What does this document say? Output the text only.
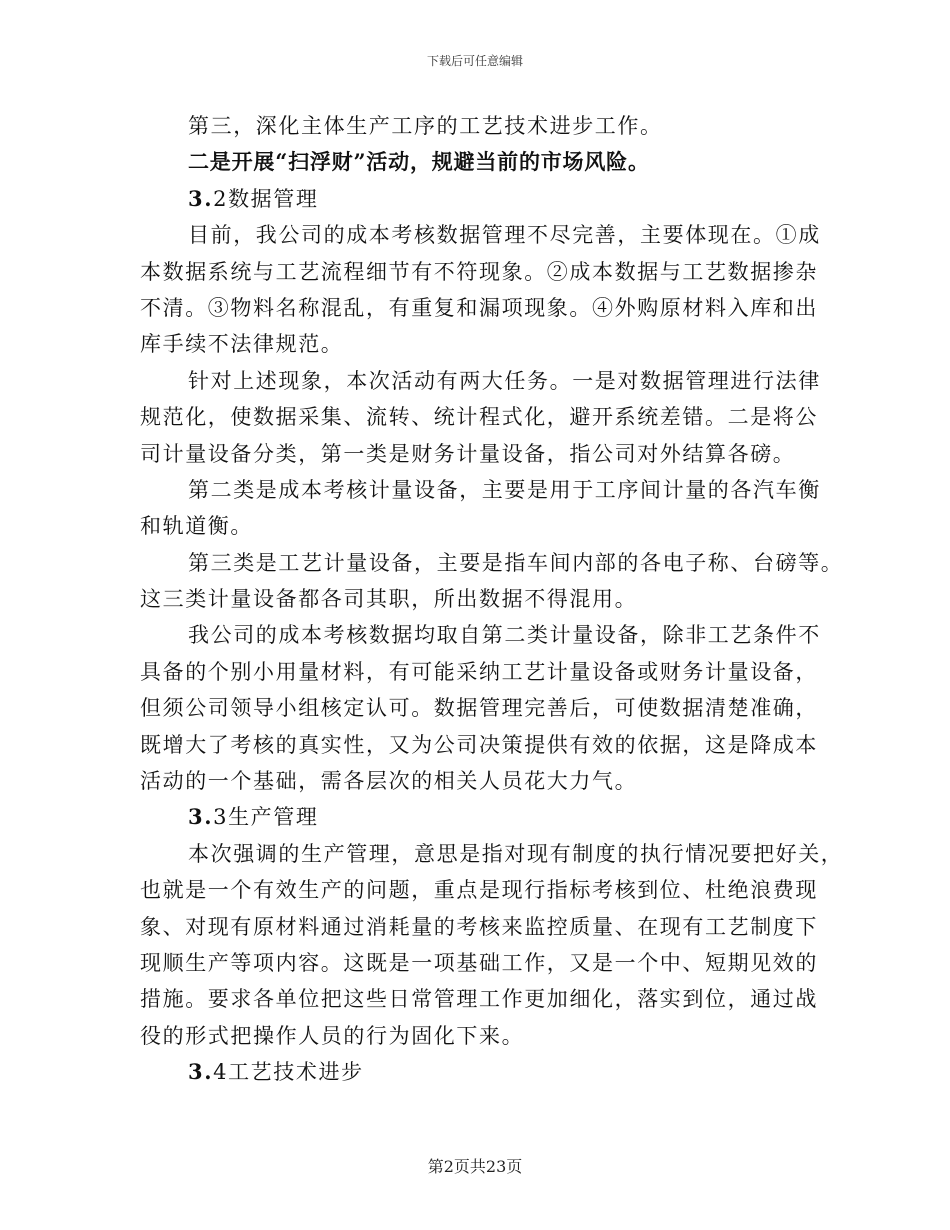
下载后可任意编辑
第三，深化主体生产工序的工艺技术进步工作。
二是开展“扫浮财”活动，规避当前的市场风险。
3.2数据管理
目前，我公司的成本考核数据管理不尽完善，主要体现在。①成
本数据系统与工艺流程细节有不符现象。②成本数据与工艺数据掺杂
不清。③物料名称混乱，有重复和漏项现象。④外购原材料入库和出
库手续不法律规范。
针对上述现象，本次活动有两大任务。一是对数据管理进行法律
规范化，使数据采集、流转、统计程式化，避开系统差错。二是将公
司计量设备分类，第一类是财务计量设备，指公司对外结算各磅。
第二类是成本考核计量设备，主要是用于工序间计量的各汽车衡
和轨道衡。
第三类是工艺计量设备，主要是指车间内部的各电子称、台磅等。
这三类计量设备都各司其职，所出数据不得混用。
我公司的成本考核数据均取自第二类计量设备，除非工艺条件不
具备的个别小用量材料，有可能采纳工艺计量设备或财务计量设备，
但须公司领导小组核定认可。数据管理完善后，可使数据清楚准确，
既增大了考核的真实性，又为公司决策提供有效的依据，这是降成本
活动的一个基础，需各层次的相关人员花大力气。
3.3生产管理
本次强调的生产管理，意思是指对现有制度的执行情况要把好关，
也就是一个有效生产的问题，重点是现行指标考核到位、杜绝浪费现
象、对现有原材料通过消耗量的考核来监控质量、在现有工艺制度下
现顺生产等项内容。这既是一项基础工作，又是一个中、短期见效的
措施。要求各单位把这些日常管理工作更加细化，落实到位，通过战
役的形式把操作人员的行为固化下来。
3.4工艺技术进步
第2页共23页
